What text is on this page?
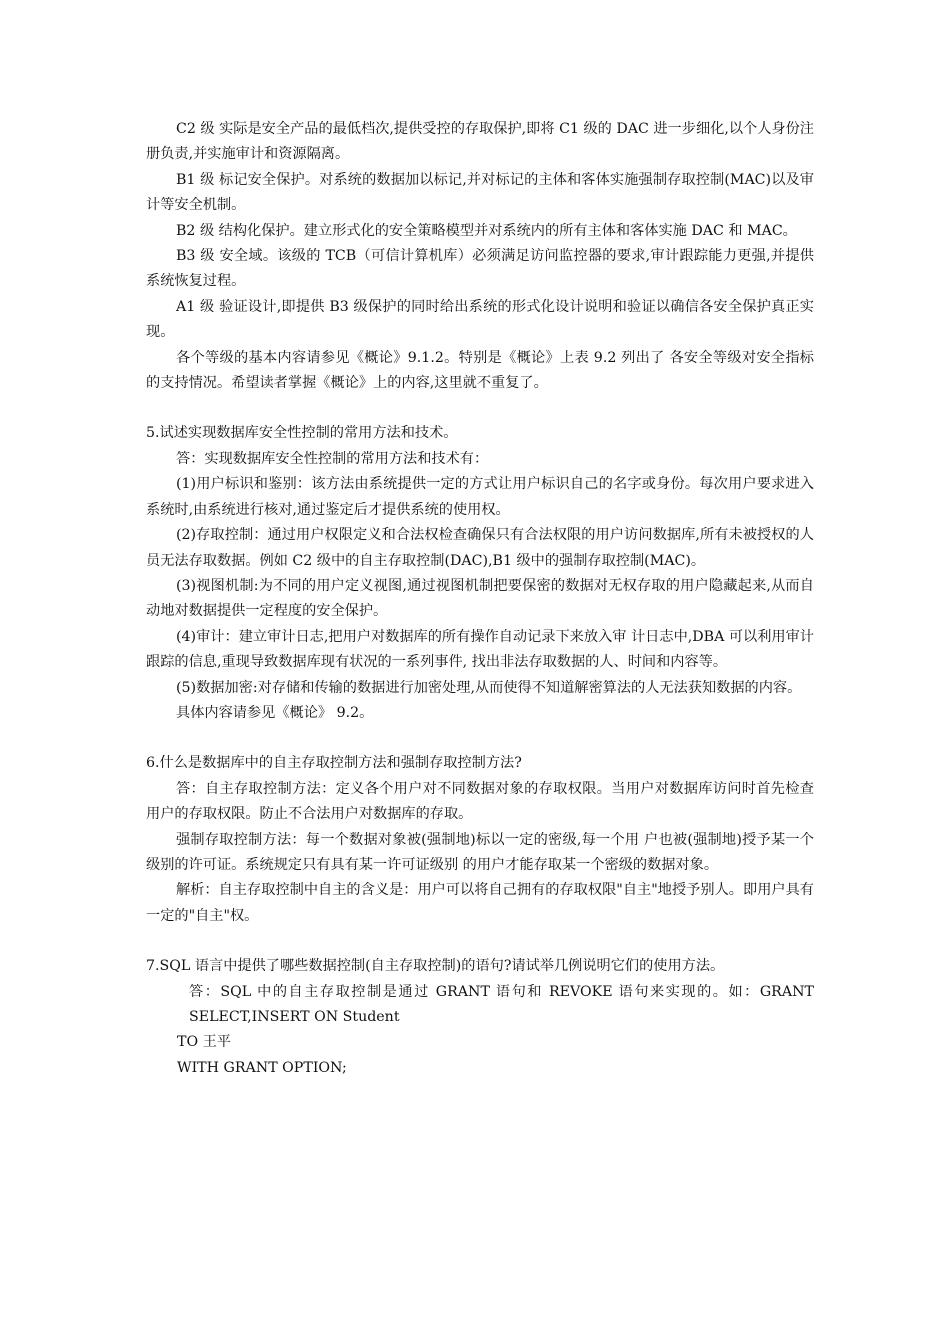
C2 级 实际是安全产品的最低档次,提供受控的存取保护,即将 C1 级的 DAC 进一步细化,以个人身份注册负责,并实施审计和资源隔离。

B1 级 标记安全保护。对系统的数据加以标记,并对标记的主体和客体实施强制存取控制(MAC)以及审计等安全机制。

B2 级 结构化保护。建立形式化的安全策略模型并对系统内的所有主体和客体实施 DAC 和 MAC。

B3 级 安全域。该级的 TCB（可信计算机库）必须满足访问监控器的要求,审计跟踪能力更强,并提供系统恢复过程。

A1 级 验证设计,即提供 B3 级保护的同时给出系统的形式化设计说明和验证以确信各安全保护真正实现。

各个等级的基本内容请参见《概论》9.1.2。特别是《概论》上表 9.2 列出了 各安全等级对安全指标的支持情况。希望读者掌握《概论》上的内容,这里就不重复了。

5.试述实现数据库安全性控制的常用方法和技术。

答：实现数据库安全性控制的常用方法和技术有：

(1)用户标识和鉴别：该方法由系统提供一定的方式让用户标识自己的名字或身份。每次用户要求进入系统时,由系统进行核对,通过鉴定后才提供系统的使用权。

(2)存取控制：通过用户权限定义和合法权检查确保只有合法权限的用户访问数据库,所有未被授权的人员无法存取数据。例如 C2 级中的自主存取控制(DAC),B1 级中的强制存取控制(MAC)。

(3)视图机制:为不同的用户定义视图,通过视图机制把要保密的数据对无权存取的用户隐藏起来,从而自动地对数据提供一定程度的安全保护。

(4)审计：建立审计日志,把用户对数据库的所有操作自动记录下来放入审 计日志中,DBA 可以利用审计跟踪的信息,重现导致数据库现有状况的一系列事件, 找出非法存取数据的人、时间和内容等。

(5)数据加密:对存储和传输的数据进行加密处理,从而使得不知道解密算法的人无法获知数据的内容。

具体内容请参见《概论》 9.2。

6.什么是数据库中的自主存取控制方法和强制存取控制方法?

答：自主存取控制方法：定义各个用户对不同数据对象的存取权限。当用户对数据库访问时首先检查用户的存取权限。防止不合法用户对数据库的存取。

强制存取控制方法：每一个数据对象被(强制地)标以一定的密级,每一个用 户也被(强制地)授予某一个级别的许可证。系统规定只有具有某一许可证级别 的用户才能存取某一个密级的数据对象。

解析：自主存取控制中自主的含义是：用户可以将自己拥有的存取权限"自主"地授予别人。即用户具有一定的"自主"权。

7.SQL 语言中提供了哪些数据控制(自主存取控制)的语句?请试举几例说明它们的使用方法。

答：SQL 中的自主存取控制是通过 GRANT 语句和 REVOKE 语句来实现的。如：GRANT SELECT,INSERT ON Student

TO 王平

WITH GRANT OPTION;
